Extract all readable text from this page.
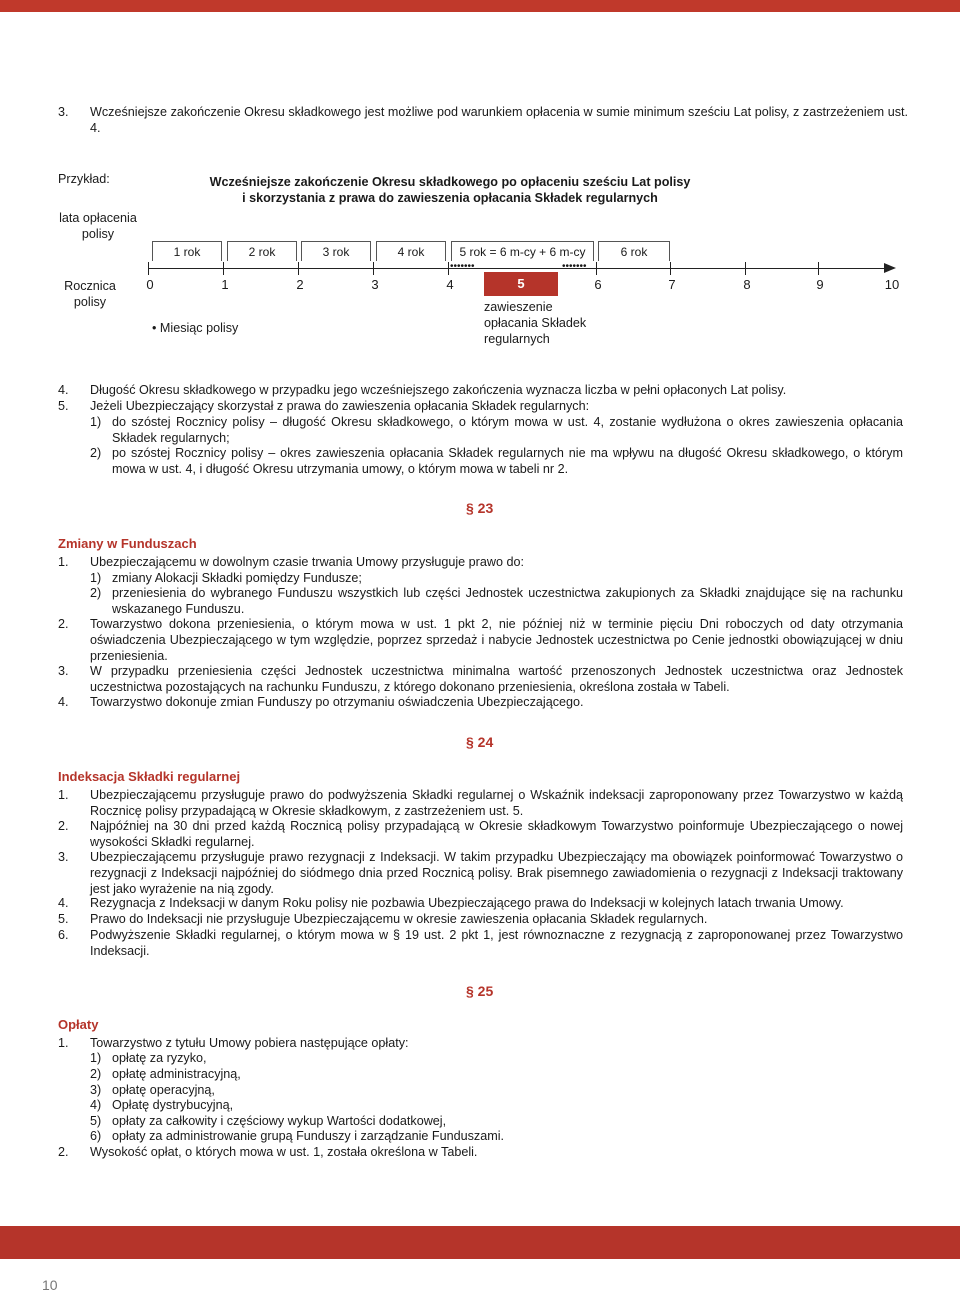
3. Wcześniejsze zakończenie Okresu składkowego jest możliwe pod warunkiem opłacenia w sumie minimum sześciu Lat polisy, z zastrzeżeniem ust. 4.
Przykład:
lata opłacenia polisy
Wcześniejsze zakończenie Okresu składkowego po opłaceniu sześciu Lat polisy
i skorzystania z prawa do zawieszenia opłacania Składek regularnych
1 rok	2 rok	3 rok	4 rok	5 rok = 6 m-cy + 6 m-cy	6 rok
Rocznica polisy
0	1	2	3	4	6	7	8	9	10
•••••••	•••••••
5
• Miesiąc polisy
zawieszenie opłacania Składek regularnych
4. Długość Okresu składkowego w przypadku jego wcześniejszego zakończenia wyznacza liczba w pełni opłaconych Lat polisy.
5. Jeżeli Ubezpieczający skorzystał z prawa do zawieszenia opłacania Składek regularnych:
1) do szóstej Rocznicy polisy – długość Okresu składkowego, o którym mowa w ust. 4, zostanie wydłużona o okres zawieszenia opłacania Składek regularnych;
2) po szóstej Rocznicy polisy – okres zawieszenia opłacania Składek regularnych nie ma wpływu na długość Okresu składkowego, o którym mowa w ust. 4, i długość Okresu utrzymania umowy, o którym mowa w tabeli nr 2.
§ 23
Zmiany w Funduszach
1. Ubezpieczającemu w dowolnym czasie trwania Umowy przysługuje prawo do:
1) zmiany Alokacji Składki pomiędzy Fundusze;
2) przeniesienia do wybranego Funduszu wszystkich lub części Jednostek uczestnictwa zakupionych za Składki znajdujące się na rachunku wskazanego Funduszu.
2. Towarzystwo dokona przeniesienia, o którym mowa w ust. 1 pkt 2, nie później niż w terminie pięciu Dni roboczych od daty otrzymania oświadczenia Ubezpieczającego w tym względzie, poprzez sprzedaż i nabycie Jednostek uczestnictwa po Cenie jednostki obowiązującej w dniu przeniesienia.
3. W przypadku przeniesienia części Jednostek uczestnictwa minimalna wartość przenoszonych Jednostek uczestnictwa oraz Jednostek uczestnictwa pozostających na rachunku Funduszu, z którego dokonano przeniesienia, określona została w Tabeli.
4. Towarzystwo dokonuje zmian Funduszy po otrzymaniu oświadczenia Ubezpieczającego.
§ 24
Indeksacja Składki regularnej
1. Ubezpieczającemu przysługuje prawo do podwyższenia Składki regularnej o Wskaźnik indeksacji zaproponowany przez Towarzystwo w każdą Rocznicę polisy przypadającą w Okresie składkowym, z zastrzeżeniem ust. 5.
2. Najpóźniej na 30 dni przed każdą Rocznicą polisy przypadającą w Okresie składkowym Towarzystwo poinformuje Ubezpieczającego o nowej wysokości Składki regularnej.
3. Ubezpieczającemu przysługuje prawo rezygnacji z Indeksacji. W takim przypadku Ubezpieczający ma obowiązek poinformować Towarzystwo o rezygnacji z Indeksacji najpóźniej do siódmego dnia przed Rocznicą polisy. Brak pisemnego zawiadomienia o rezygnacji z Indeksacji traktowany jest jako wyrażenie na nią zgody.
4. Rezygnacja z Indeksacji w danym Roku polisy nie pozbawia Ubezpieczającego prawa do Indeksacji w kolejnych latach trwania Umowy.
5. Prawo do Indeksacji nie przysługuje Ubezpieczającemu w okresie zawieszenia opłacania Składek regularnych.
6. Podwyższenie Składki regularnej, o którym mowa w § 19 ust. 2 pkt 1, jest równoznaczne z rezygnacją z zaproponowanej przez Towarzystwo Indeksacji.
§ 25
Opłaty
1. Towarzystwo z tytułu Umowy pobiera następujące opłaty:
1) opłatę za ryzyko,
2) opłatę administracyjną,
3) opłatę operacyjną,
4) Opłatę dystrybucyjną,
5) opłaty za całkowity i częściowy wykup Wartości dodatkowej,
6) opłaty za administrowanie grupą Funduszy i zarządzanie Funduszami.
2. Wysokość opłat, o których mowa w ust. 1, została określona w Tabeli.
10
